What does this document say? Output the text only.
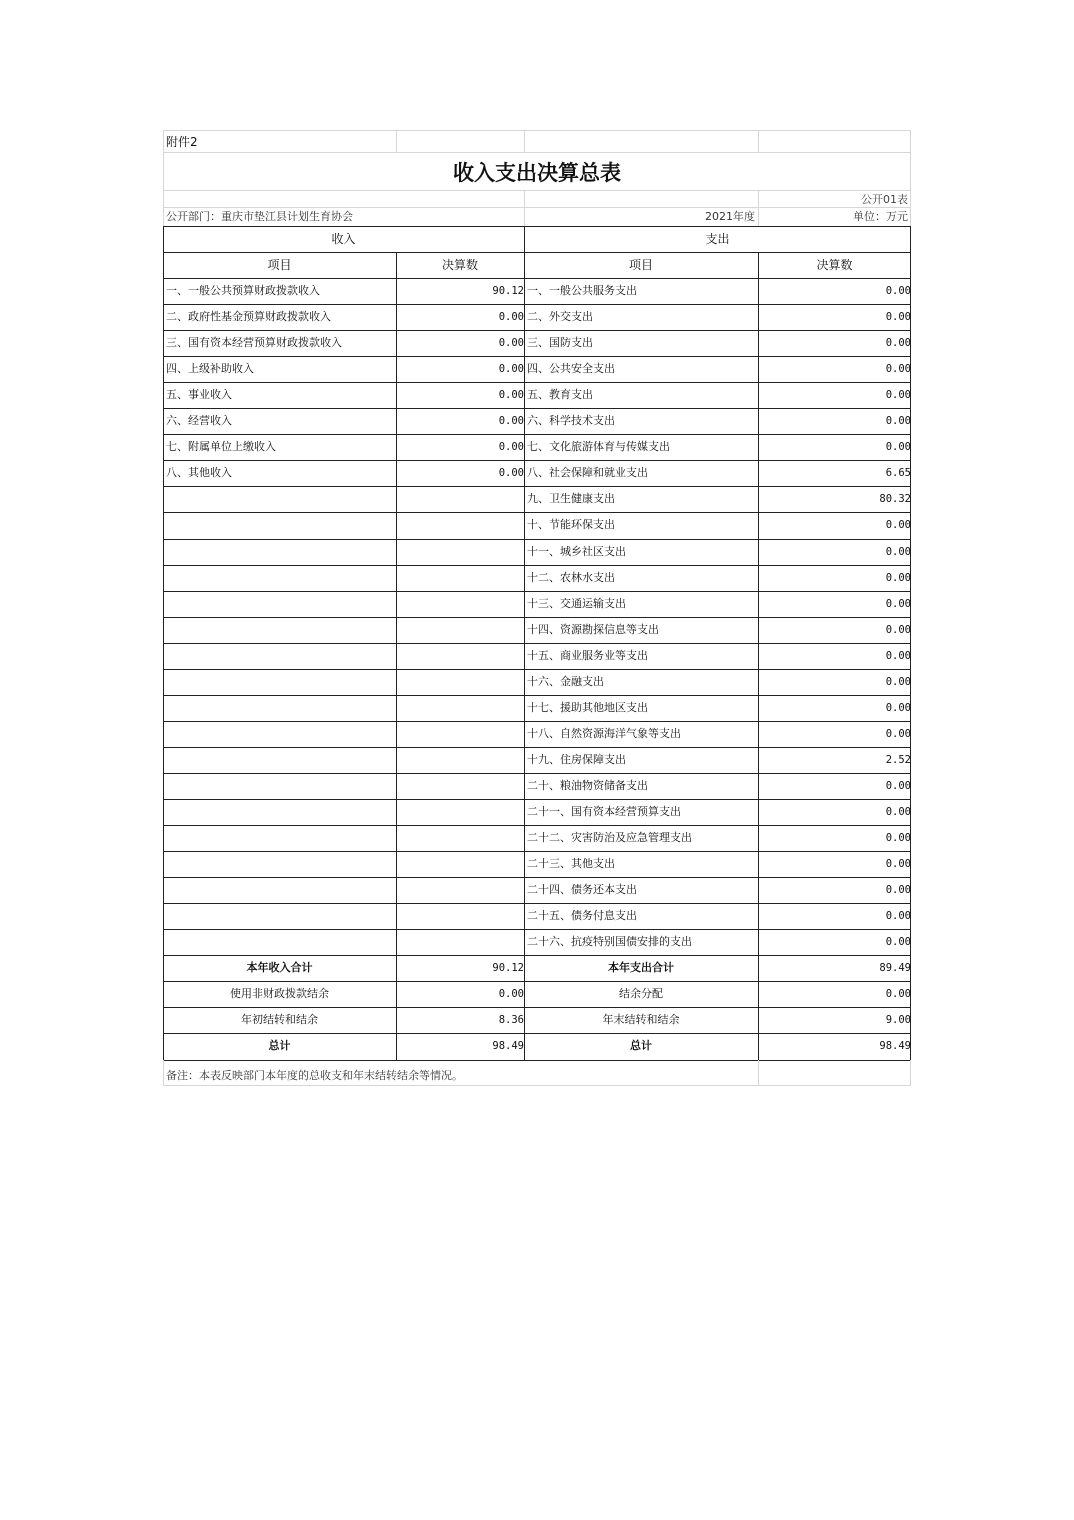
附件2
收入支出决算总表
公开01表
公开部门：重庆市垫江县计划生育协会	2021年度	单位：万元
收入	支出
项目	决算数	项目	决算数
一、一般公共预算财政拨款收入	90.12 一、一般公共服务支出	0.00
二、政府性基金预算财政拨款收入	0.00 二、外交支出	0.00
三、国有资本经营预算财政拨款收入	0.00 三、国防支出	0.00
四、上级补助收入	0.00 四、公共安全支出	0.00
五、事业收入	0.00 五、教育支出	0.00
六、经营收入	0.00 六、科学技术支出	0.00
七、附属单位上缴收入	0.00 七、文化旅游体育与传媒支出	0.00
八、其他收入	0.00 八、社会保障和就业支出	6.65
九、卫生健康支出	80.32
十、节能环保支出	0.00
十一、城乡社区支出	0.00
十二、农林水支出	0.00
十三、交通运输支出	0.00
十四、资源勘探信息等支出	0.00
十五、商业服务业等支出	0.00
十六、金融支出	0.00
十七、援助其他地区支出	0.00
十八、自然资源海洋气象等支出	0.00
十九、住房保障支出	2.52
二十、粮油物资储备支出	0.00
二十一、国有资本经营预算支出	0.00
二十二、灾害防治及应急管理支出	0.00
二十三、其他支出	0.00
二十四、债务还本支出	0.00
二十五、债务付息支出	0.00
二十六、抗疫特别国债安排的支出	0.00
本年收入合计	90.12	本年支出合计	89.49
使用非财政拨款结余	0.00	结余分配	0.00
年初结转和结余	8.36	年末结转和结余	9.00
总计	98.49	总计	98.49
备注：本表反映部门本年度的总收支和年末结转结余等情况。
